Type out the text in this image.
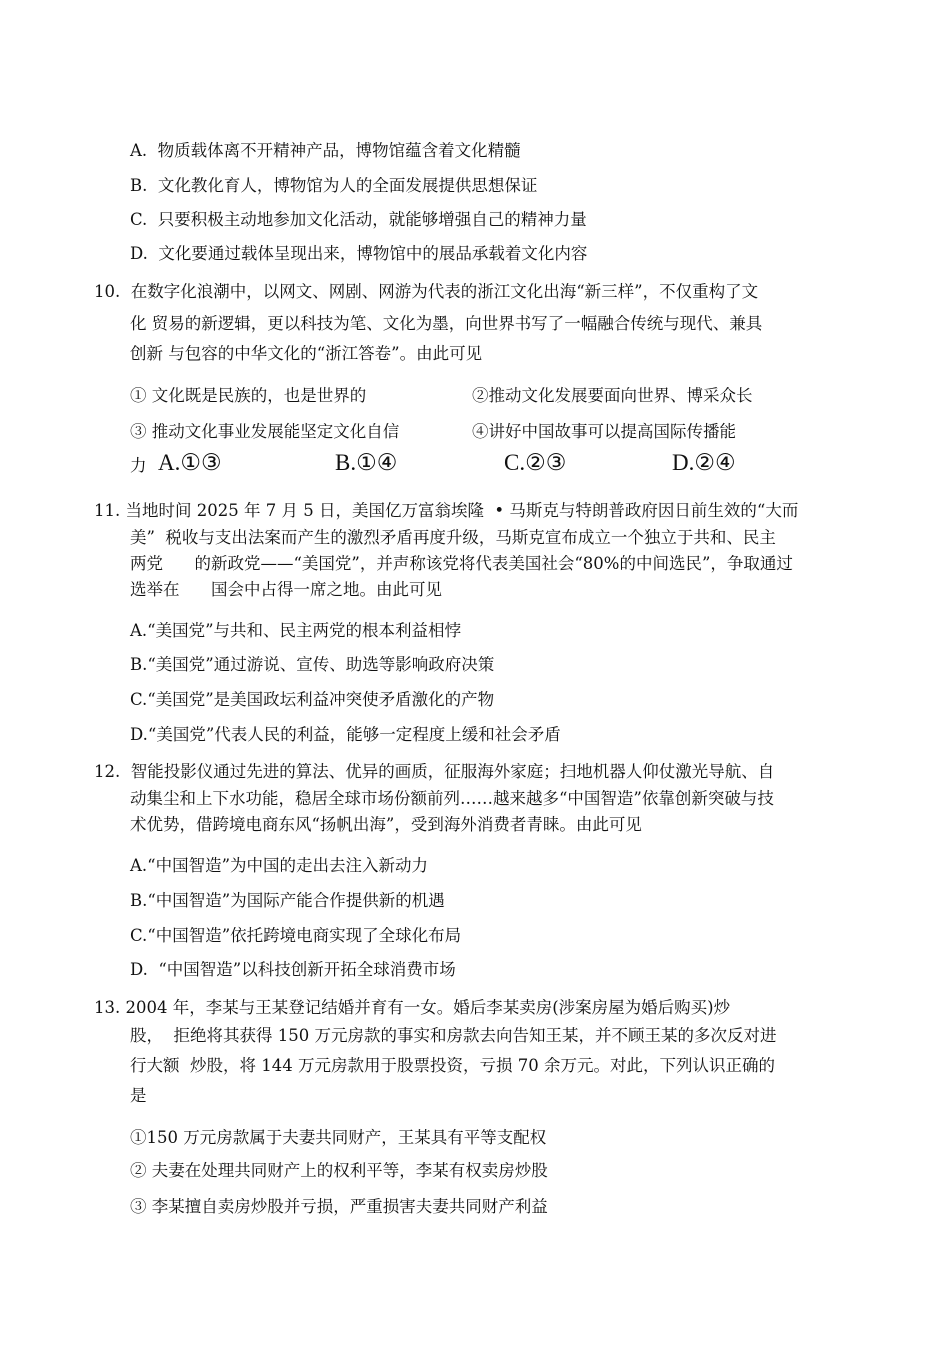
A.  物质载体离不开精神产品，博物馆蕴含着文化精髓
B.  文化教化育人，博物馆为人的全面发展提供思想保证
C.  只要积极主动地参加文化活动，就能够增强自己的精神力量
D.  文化要通过载体呈现出来，博物馆中的展品承载着文化内容
10.  在数字化浪潮中，以网文、网剧、网游为代表的浙江文化出海“新三样”，不仅重构了文
化 贸易的新逻辑，更以科技为笔、文化为墨，向世界书写了一幅融合传统与现代、兼具
创新 与包容的中华文化的“浙江答卷”。由此可见
① 文化既是民族的，也是世界的	②推动文化发展要面向世界、博采众长
③ 推动文化事业发展能坚定文化自信	④讲好中国故事可以提高国际传播能
力 A.①③	B.①④	C.②③	D.②④
11. 当地时间 2025 年 7 月 5 日，美国亿万富翁埃隆  • 马斯克与特朗普政府因日前生效的“大而
美”  税收与支出法案而产生的激烈矛盾再度升级，马斯克宣布成立一个独立于共和、民主
两党      的新政党——“美国党”，并声称该党将代表美国社会“80%的中间选民”，争取通过
选举在      国会中占得一席之地。由此可见
A.“美国党”与共和、民主两党的根本利益相悖
B.“美国党”通过游说、宣传、助选等影响政府决策
C.“美国党”是美国政坛利益冲突使矛盾激化的产物
D.“美国党”代表人民的利益，能够一定程度上缓和社会矛盾
12.  智能投影仪通过先进的算法、优异的画质，征服海外家庭；扫地机器人仰仗激光导航、自
动集尘和上下水功能，稳居全球市场份额前列……越来越多“中国智造”依靠创新突破与技
术优势，借跨境电商东风“扬帆出海”，受到海外消费者青睐。由此可见
A.“中国智造”为中国的走出去注入新动力
B.“中国智造”为国际产能合作提供新的机遇
C.“中国智造”依托跨境电商实现了全球化布局
D.  “中国智造”以科技创新开拓全球消费市场
13. 2004 年，李某与王某登记结婚并育有一女。婚后李某卖房(涉案房屋为婚后购买)炒
股，  拒绝将其获得 150 万元房款的事实和房款去向告知王某，并不顾王某的多次反对进
行大额  炒股，将 144 万元房款用于股票投资，亏损 70 余万元。对此，下列认识正确的
是
①150 万元房款属于夫妻共同财产，王某具有平等支配权
② 夫妻在处理共同财产上的权利平等，李某有权卖房炒股
③ 李某擅自卖房炒股并亏损，严重损害夫妻共同财产利益
